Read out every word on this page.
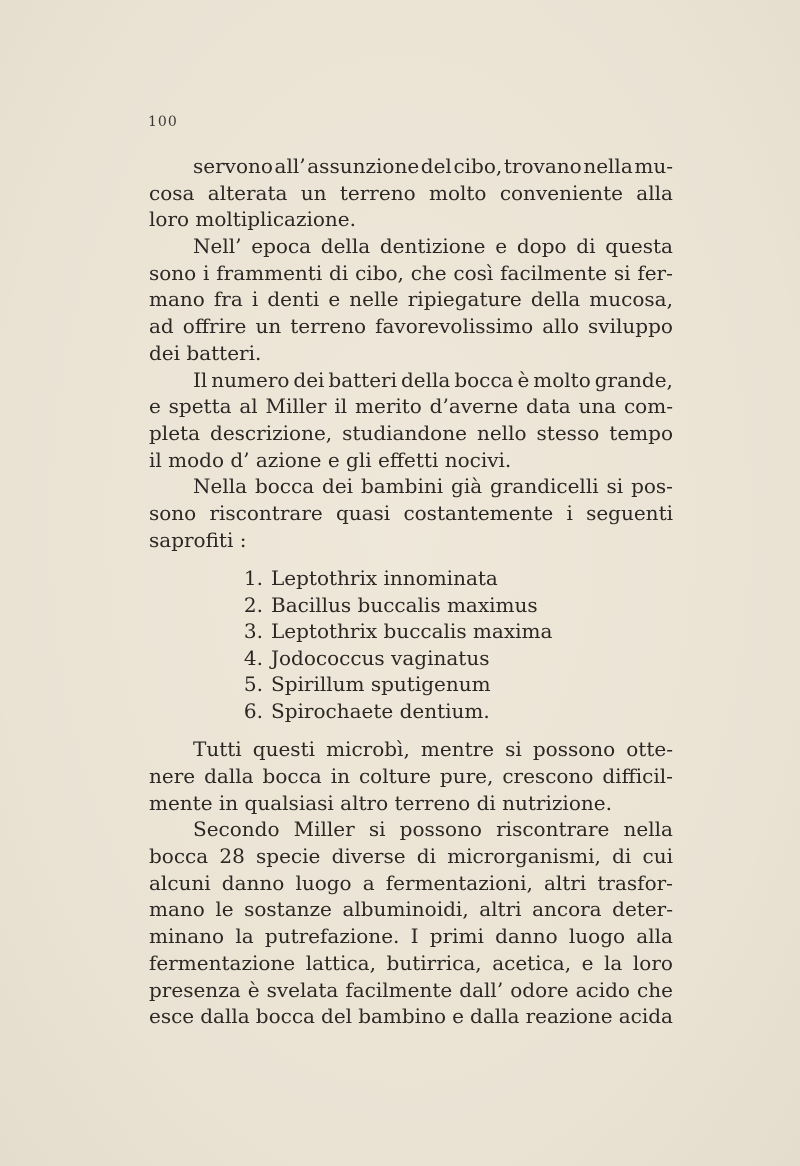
100
servono all’ assunzione del cibo, trovano nella mu-
cosa alterata un terreno molto conveniente alla
loro moltiplicazione.
Nell’ epoca della dentizione e dopo di questa
sono i frammenti di cibo, che così facilmente si fer-
mano fra i denti e nelle ripiegature della mucosa,
ad offrire un terreno favorevolissimo allo sviluppo
dei batteri.
Il numero dei batteri della bocca è molto grande,
e spetta al Miller il merito d’averne data una com-
pleta descrizione, studiandone nello stesso tempo
il modo d’ azione e gli effetti nocivi.
Nella bocca dei bambini già grandicelli si pos-
sono riscontrare quasi costantemente i seguenti
saprofiti :
1. Leptothrix innominata
2. Bacillus buccalis maximus
3. Leptothrix buccalis maxima
4. Jodococcus vaginatus
5. Spirillum sputigenum
6. Spirochaete dentium.
Tutti questi microbì, mentre si possono otte-
nere dalla bocca in colture pure, crescono difficil-
mente in qualsiasi altro terreno di nutrizione.
Secondo Miller si possono riscontrare nella
bocca 28 specie diverse di microrganismi, di cui
alcuni danno luogo a fermentazioni, altri trasfor-
mano le sostanze albuminoidi, altri ancora deter-
minano la putrefazione. I primi danno luogo alla
fermentazione lattica, butirrica, acetica, e la loro
presenza è svelata facilmente dall’ odore acido che
esce dalla bocca del bambino e dalla reazione acida
